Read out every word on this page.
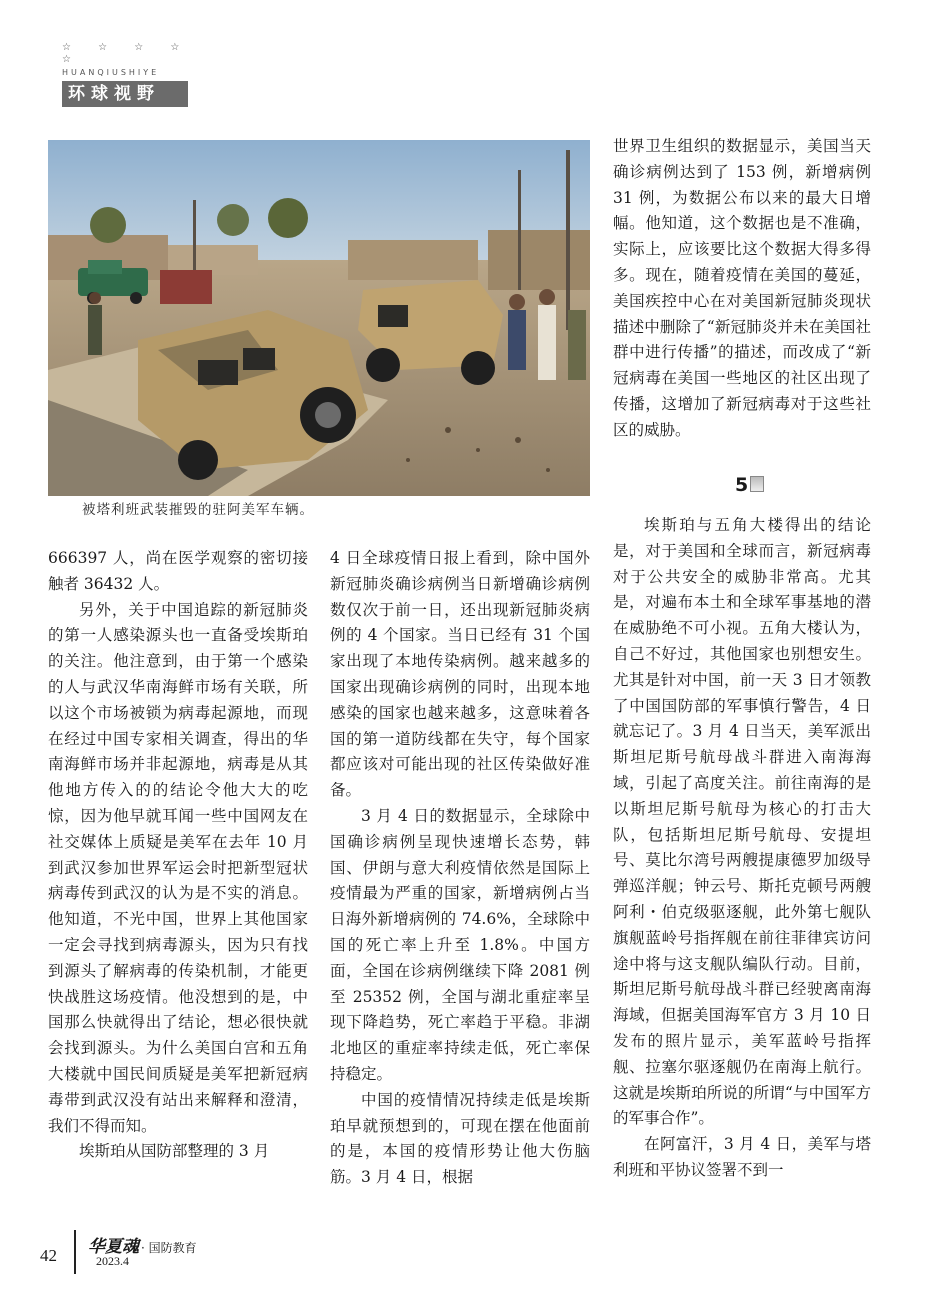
☆ ☆ ☆ ☆ ☆
HUANQIUSHIYE
环球视野
被塔利班武装摧毁的驻阿美军车辆。

666397 人，尚在医学观察的密切接触者 36432 人。

另外，关于中国追踪的新冠肺炎的第一人感染源头也一直备受埃斯珀的关注。他注意到，由于第一个感染的人与武汉华南海鲜市场有关联，所以这个市场被锁为病毒起源地，而现在经过中国专家相关调查，得出的华南海鲜市场并非起源地，病毒是从其他地方传入的的结论令他大大的吃惊，因为他早就耳闻一些中国网友在社交媒体上质疑是美军在去年 10 月到武汉参加世界军运会时把新型冠状病毒传到武汉的认为是不实的消息。他知道，不光中国，世界上其他国家一定会寻找到病毒源头，因为只有找到源头了解病毒的传染机制，才能更快战胜这场疫情。他没想到的是，中国那么快就得出了结论，想必很快就会找到源头。为什么美国白宫和五角大楼就中国民间质疑是美军把新冠病毒带到武汉没有站出来解释和澄清，我们不得而知。

埃斯珀从国防部整理的 3 月

4 日全球疫情日报上看到，除中国外新冠肺炎确诊病例当日新增确诊病例数仅次于前一日，还出现新冠肺炎病例的 4 个国家。当日已经有 31 个国家出现了本地传染病例。越来越多的国家出现确诊病例的同时，出现本地感染的国家也越来越多，这意味着各国的第一道防线都在失守，每个国家都应该对可能出现的社区传染做好准备。

3 月 4 日的数据显示，全球除中国确诊病例呈现快速增长态势，韩国、伊朗与意大利疫情依然是国际上疫情最为严重的国家，新增病例占当日海外新增病例的 74.6%，全球除中国的死亡率上升至 1.8%。中国方面，全国在诊病例继续下降 2081 例至 25352 例，全国与湖北重症率呈现下降趋势，死亡率趋于平稳。非湖北地区的重症率持续走低，死亡率保持稳定。

中国的疫情情况持续走低是埃斯珀早就预想到的，可现在摆在他面前的是，本国的疫情形势让他大伤脑筋。3 月 4 日，根据

世界卫生组织的数据显示，美国当天确诊病例达到了 153 例，新增病例 31 例，为数据公布以来的最大日增幅。他知道，这个数据也是不准确，实际上，应该要比这个数据大得多得多。现在，随着疫情在美国的蔓延，美国疾控中心在对美国新冠肺炎现状描述中删除了“新冠肺炎并未在美国社群中进行传播”的描述，而改成了“新冠病毒在美国一些地区的社区出现了传播，这增加了新冠病毒对于这些社区的威胁。

5

埃斯珀与五角大楼得出的结论是，对于美国和全球而言，新冠病毒对于公共安全的威胁非常高。尤其是，对遍布本土和全球军事基地的潜在威胁绝不可小视。五角大楼认为，自己不好过，其他国家也别想安生。尤其是针对中国，前一天 3 日才领教了中国国防部的军事慎行警告，4 日就忘记了。3 月 4 日当天，美军派出斯坦尼斯号航母战斗群进入南海海域，引起了高度关注。前往南海的是以斯坦尼斯号航母为核心的打击大队，包括斯坦尼斯号航母、安提坦号、莫比尔湾号两艘提康德罗加级导弹巡洋舰；钟云号、斯托克顿号两艘阿利・伯克级驱逐舰，此外第七舰队旗舰蓝岭号指挥舰在前往菲律宾访问途中将与这支舰队编队行动。目前，斯坦尼斯号航母战斗群已经驶离南海海域，但据美国海军官方 3 月 10 日发布的照片显示，美军蓝岭号指挥舰、拉塞尔驱逐舰仍在南海上航行。这就是埃斯珀所说的所谓“与中国军方的军事合作”。

在阿富汗，3 月 4 日，美军与塔利班和平协议签署不到一

42 华夏魂 · 国防教育
2023.4
